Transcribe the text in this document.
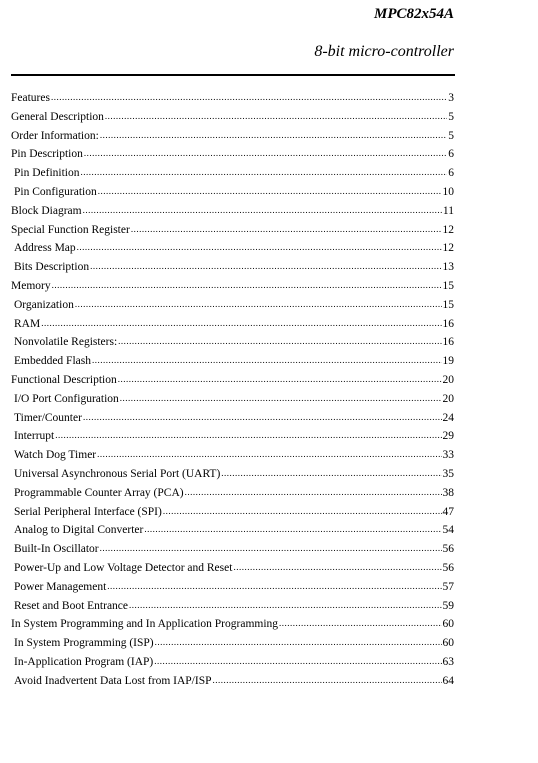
MPC82x54A
8-bit micro-controller
Features .....	3
General Description .....	5
Order Information: .....	5
Pin Description .....	6
Pin Definition .....	6
Pin Configuration .....	10
Block Diagram .....	11
Special Function Register .....	12
Address Map .....	12
Bits Description .....	13
Memory .....	15
Organization .....	15
RAM .....	16
Nonvolatile Registers: .....	16
Embedded Flash .....	19
Functional Description .....	20
I/O Port Configuration .....	20
Timer/Counter .....	24
Interrupt .....	29
Watch Dog Timer .....	33
Universal Asynchronous Serial Port (UART) .....	35
Programmable Counter Array (PCA) .....	38
Serial Peripheral Interface (SPI) .....	47
Analog to Digital Converter .....	54
Built-In Oscillator .....	56
Power-Up and Low Voltage Detector and Reset .....	56
Power Management .....	57
Reset and Boot Entrance .....	59
In System Programming and In Application Programming .....	60
In System Programming (ISP) .....	60
In-Application Program (IAP) .....	63
Avoid Inadvertent Data Lost from IAP/ISP .....	64
